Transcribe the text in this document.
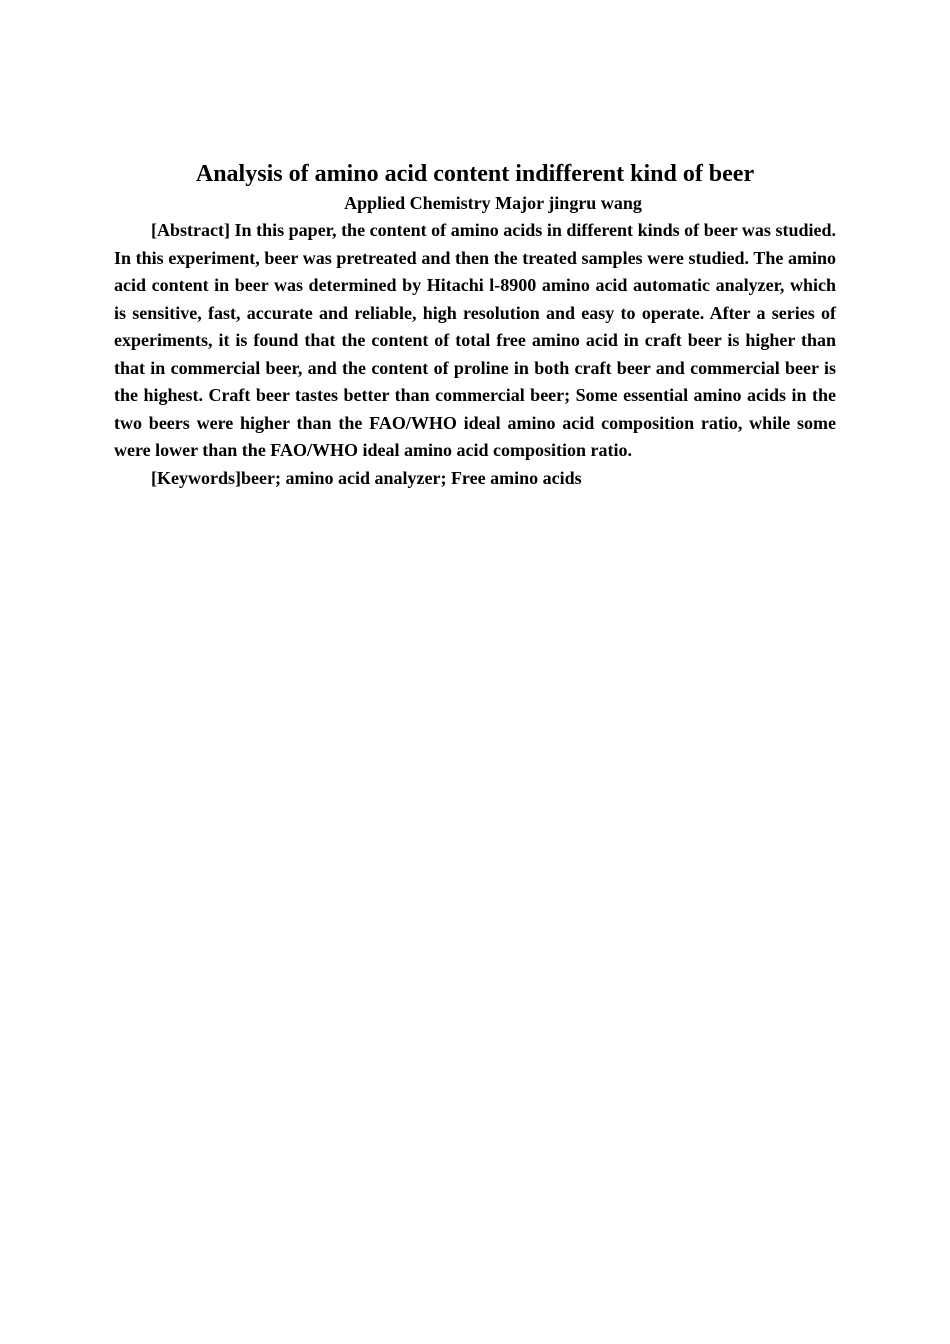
Analysis of amino acid content indifferent kind of beer

Applied Chemistry Major jingru wang

[Abstract] In this paper, the content of amino acids in different kinds of beer was studied. In this experiment, beer was pretreated and then the treated samples were studied. The amino acid content in beer was determined by Hitachi l-8900 amino acid automatic analyzer, which is sensitive, fast, accurate and reliable, high resolution and easy to operate. After a series of experiments, it is found that the content of total free amino acid in craft beer is higher than that in commercial beer, and the content of proline in both craft beer and commercial beer is the highest. Craft beer tastes better than commercial beer; Some essential amino acids in the two beers were higher than the FAO/WHO ideal amino acid composition ratio, while some were lower than the FAO/WHO ideal amino acid composition ratio.

[Keywords]beer; amino acid analyzer; Free amino acids
